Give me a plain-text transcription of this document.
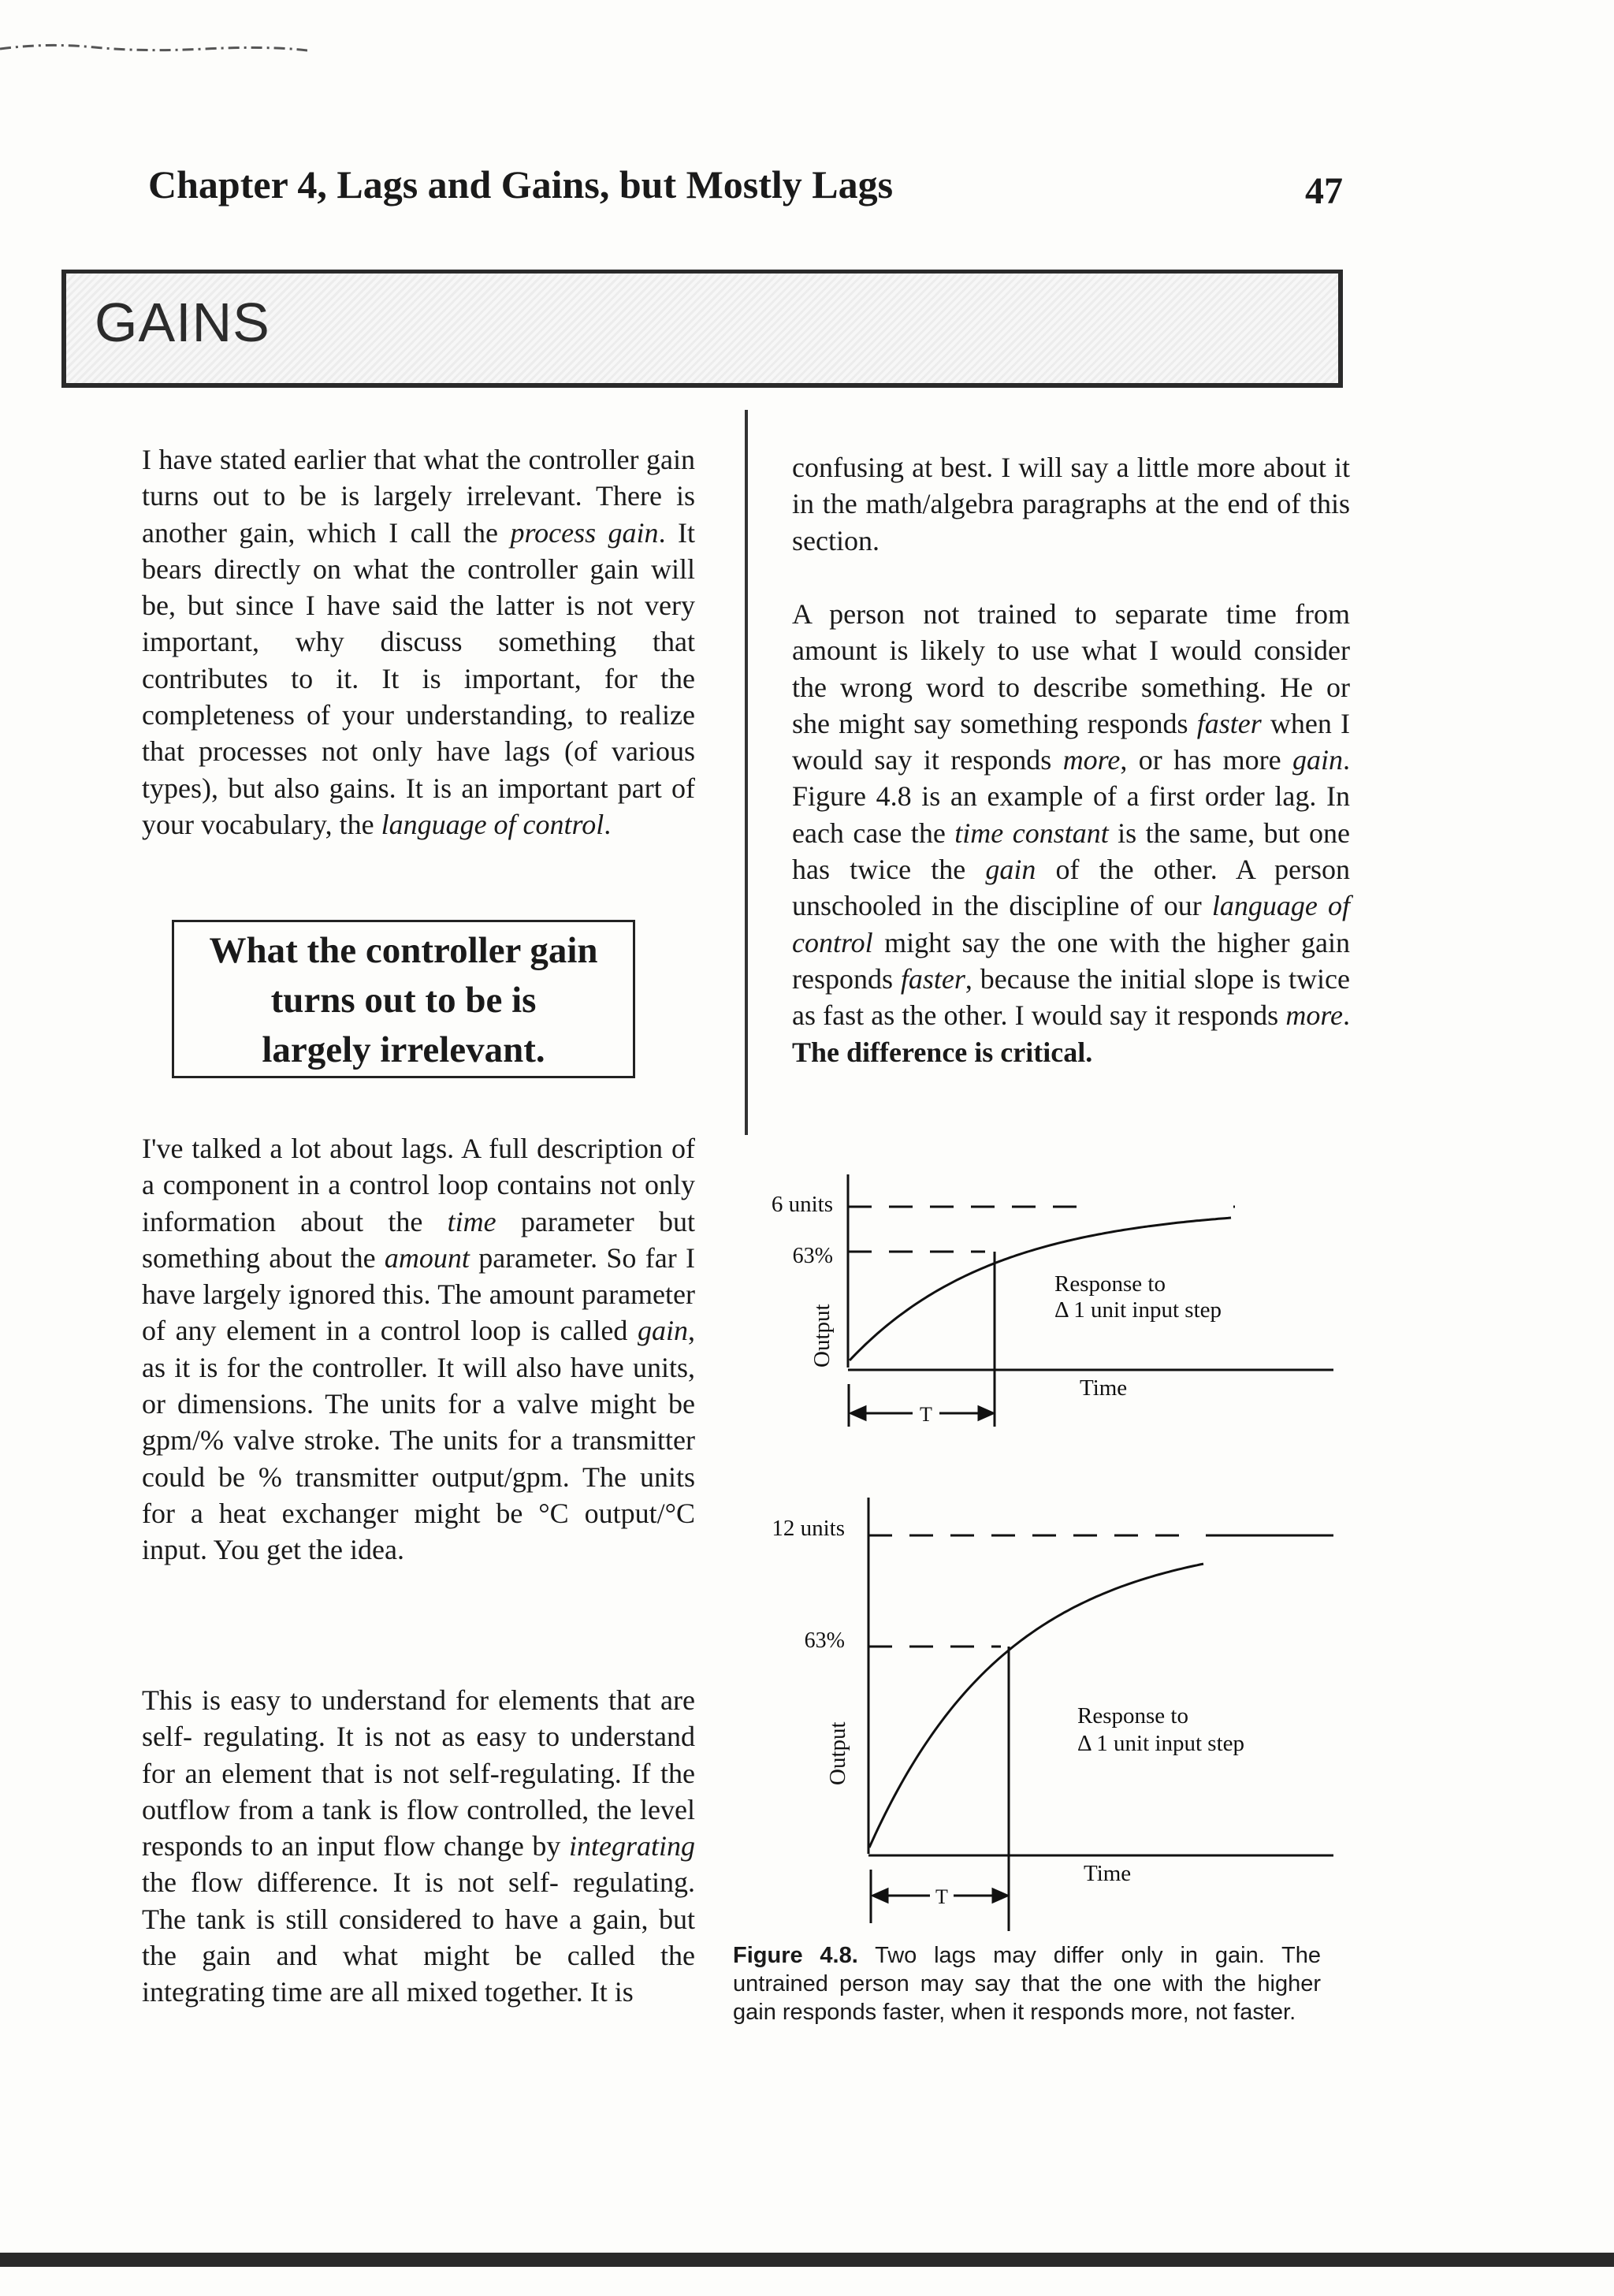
Chapter 4, Lags and Gains, but Mostly Lags	47
GAINS

I have stated earlier that what the controller gain turns out to be is largely irrelevant. There is another gain, which I call the process gain. It bears directly on what the controller gain will be, but since I have said the latter is not very important, why discuss something that contributes to it. It is important, for the completeness of your understanding, to realize that processes not only have lags (of various types), but also gains. It is an important part of your vocabulary, the language of control.

What the controller gain
turns out to be is
largely irrelevant.

I've talked a lot about lags. A full description of a component in a control loop contains not only information about the time parameter but something about the amount parameter. So far I have largely ignored this. The amount parameter of any element in a control loop is called gain, as it is for the controller. It will also have units, or dimensions. The units for a valve might be gpm/% valve stroke. The units for a transmitter could be % transmitter output/gpm. The units for a heat exchanger might be °C output/°C input. You get the idea.

This is easy to understand for elements that are self- regulating. It is not as easy to understand for an element that is not self-regulating. If the outflow from a tank is flow controlled, the level responds to an input flow change by integrating the flow difference. It is not self- regulating. The tank is still considered to have a gain, but the gain and what might be called the integrating time are all mixed together. It is

confusing at best. I will say a little more about it in the math/algebra paragraphs at the end of this section.

A person not trained to separate time from amount is likely to use what I would consider the wrong word to describe something. He or she might say something responds faster when I would say it responds more, or has more gain. Figure 4.8 is an example of a first order lag. In each case the time constant is the same, but one has twice the gain of the other. A person unschooled in the discipline of our language of control might say the one with the higher gain responds faster, because the initial slope is twice as fast as the other. I would say it responds more. The difference is critical.

6 units
63%
Output
T
Response to
Δ 1 unit input step
Time
12 units
63%
Output
T
Response to
Δ 1 unit input step
Time
Figure 4.8. Two lags may differ only in gain. The untrained person may say that the one with the higher gain responds faster, when it responds more, not faster.
